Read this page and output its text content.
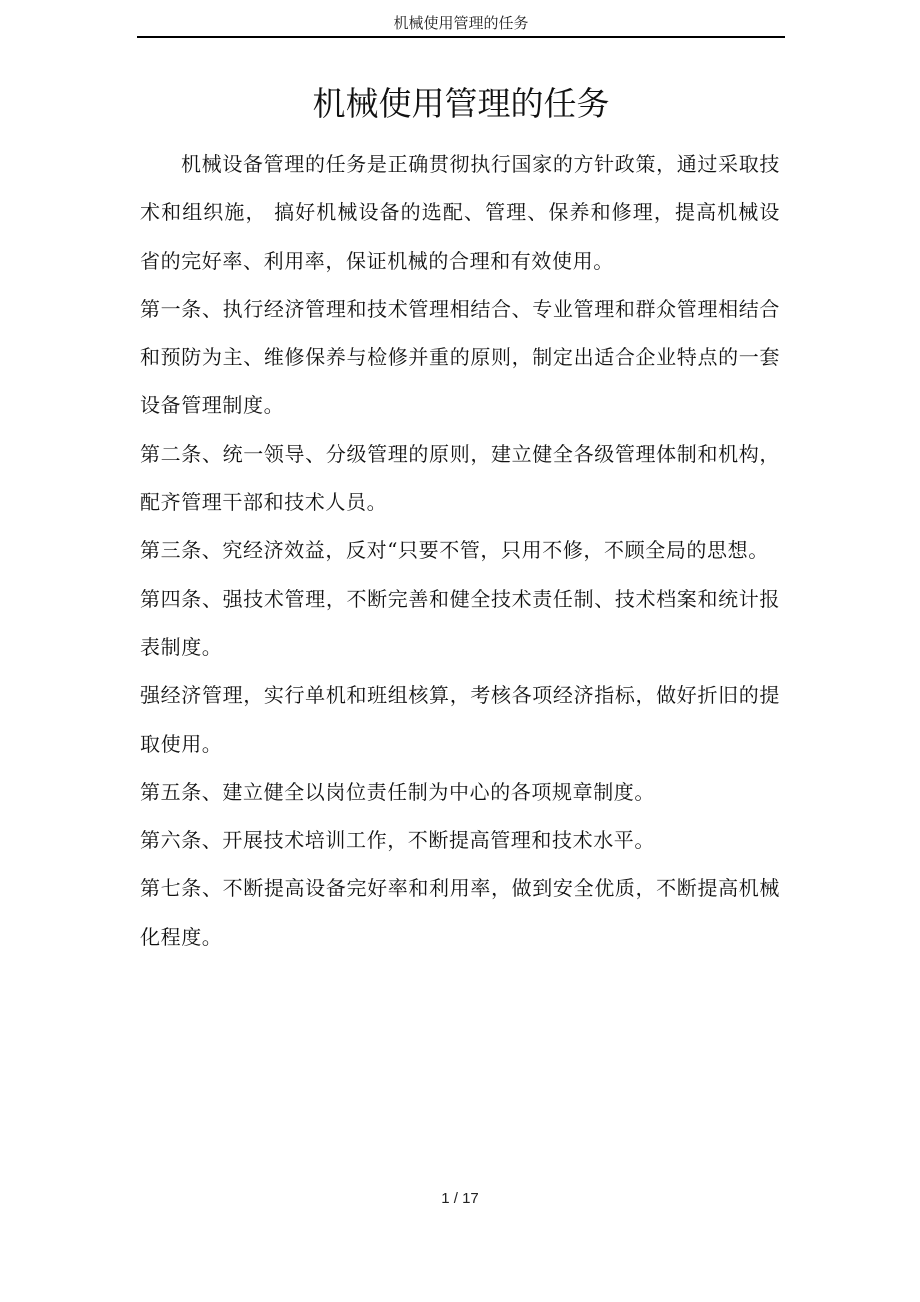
机械使用管理的任务
机械使用管理的任务

机械设备管理的任务是正确贯彻执行国家的方针政策，通过采取技术和组织施， 搞好机械设备的选配、管理、保养和修理，提高机械设省的完好率、利用率，保证机械的合理和有效使用。

第一条、执行经济管理和技术管理相结合、专业管理和群众管理相结合和预防为主、维修保养与检修并重的原则，制定出适合企业特点的一套设备管理制度。

第二条、统一领导、分级管理的原则，建立健全各级管理体制和机构，配齐管理干部和技术人员。

第三条、究经济效益，反对“只要不管，只用不修，不顾全局的思想。

第四条、强技术管理，不断完善和健全技术责任制、技术档案和统计报表制度。

强经济管理，实行单机和班组核算，考核各项经济指标，做好折旧的提取使用。

第五条、建立健全以岗位责任制为中心的各项规章制度。

第六条、开展技术培训工作，不断提高管理和技术水平。

第七条、不断提高设备完好率和利用率，做到安全优质，不断提高机械化程度。

1 / 17
